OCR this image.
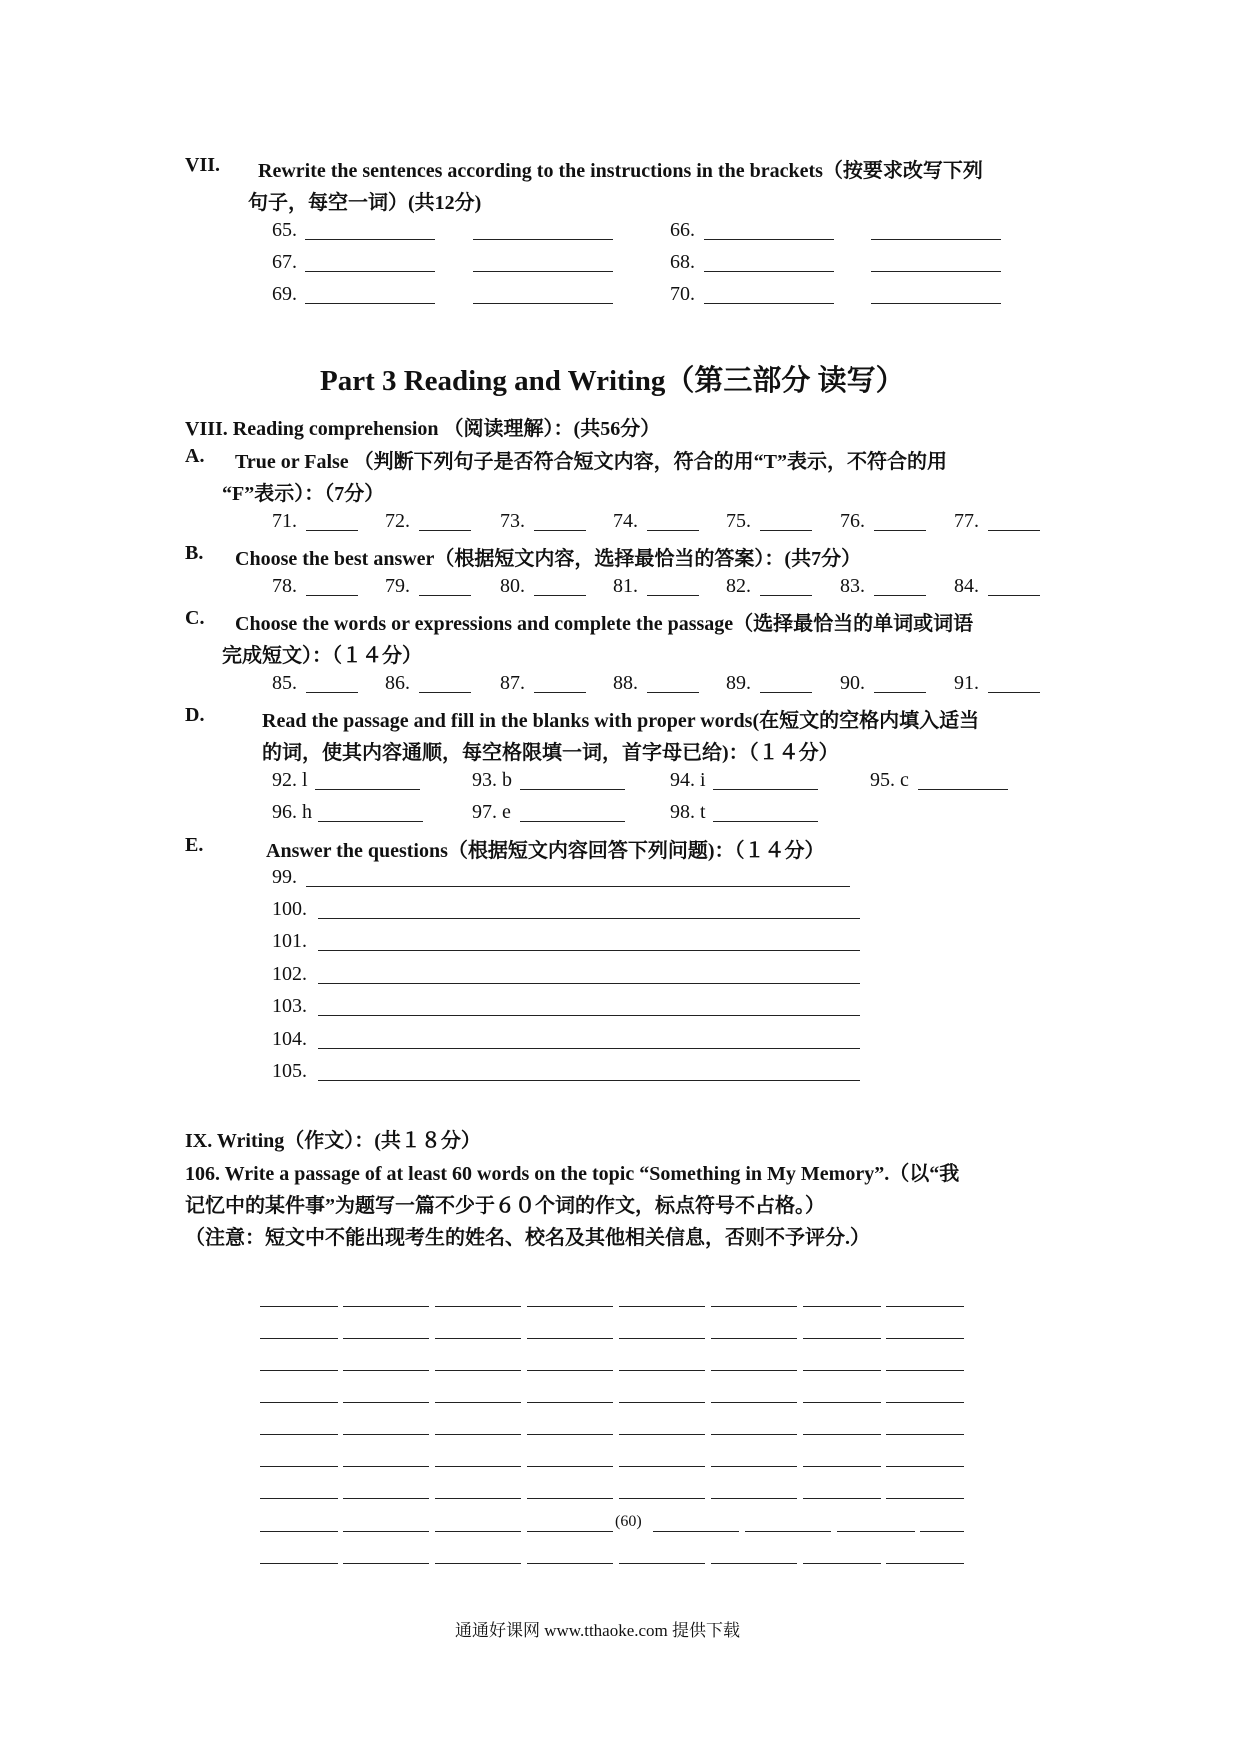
VII. Rewrite the sentences according to the instructions in the brackets（按要求改写下列
句子，每空一词）(共12分)
65.	66.
67.	68.
69.	70.
Part 3 Reading and Writing（第三部分 读写）
VIII. Reading comprehension （阅读理解）：(共56分）
A. True or False （判断下列句子是否符合短文内容，符合的用“T”表示，不符合的用
“F”表示）：（7分）
71.	72.	73.	74.	75.	76.	77.
B. Choose the best answer（根据短文内容，选择最恰当的答案）：(共7分）
78.	79.	80.	81.	82.	83.	84.
C. Choose the words or expressions and complete the passage（选择最恰当的单词或词语
完成短文）：（１４分）
85.	86.	87.	88.	89.	90.	91.
D.	Read the passage and fill in the blanks with proper words(在短文的空格内填入适当
的词，使其内容通顺，每空格限填一词，首字母已给)：（１４分）
92. l	93. b	94. i	95. c
96. h	97. e	98. t
E.	Answer the questions（根据短文内容回答下列问题)：（１４分）
99.
100.
101.
102.
103.
104.
105.
IX. Writing（作文）：(共１８分）
106. Write a passage of at least 60 words on the topic “Something in My Memory”.（以“我
记忆中的某件事”为题写一篇不少于６０个词的作文，标点符号不占格。）
（注意：短文中不能出现考生的姓名、校名及其他相关信息，否则不予评分.）
(60)
通通好课网 www.tthaoke.com 提供下载
